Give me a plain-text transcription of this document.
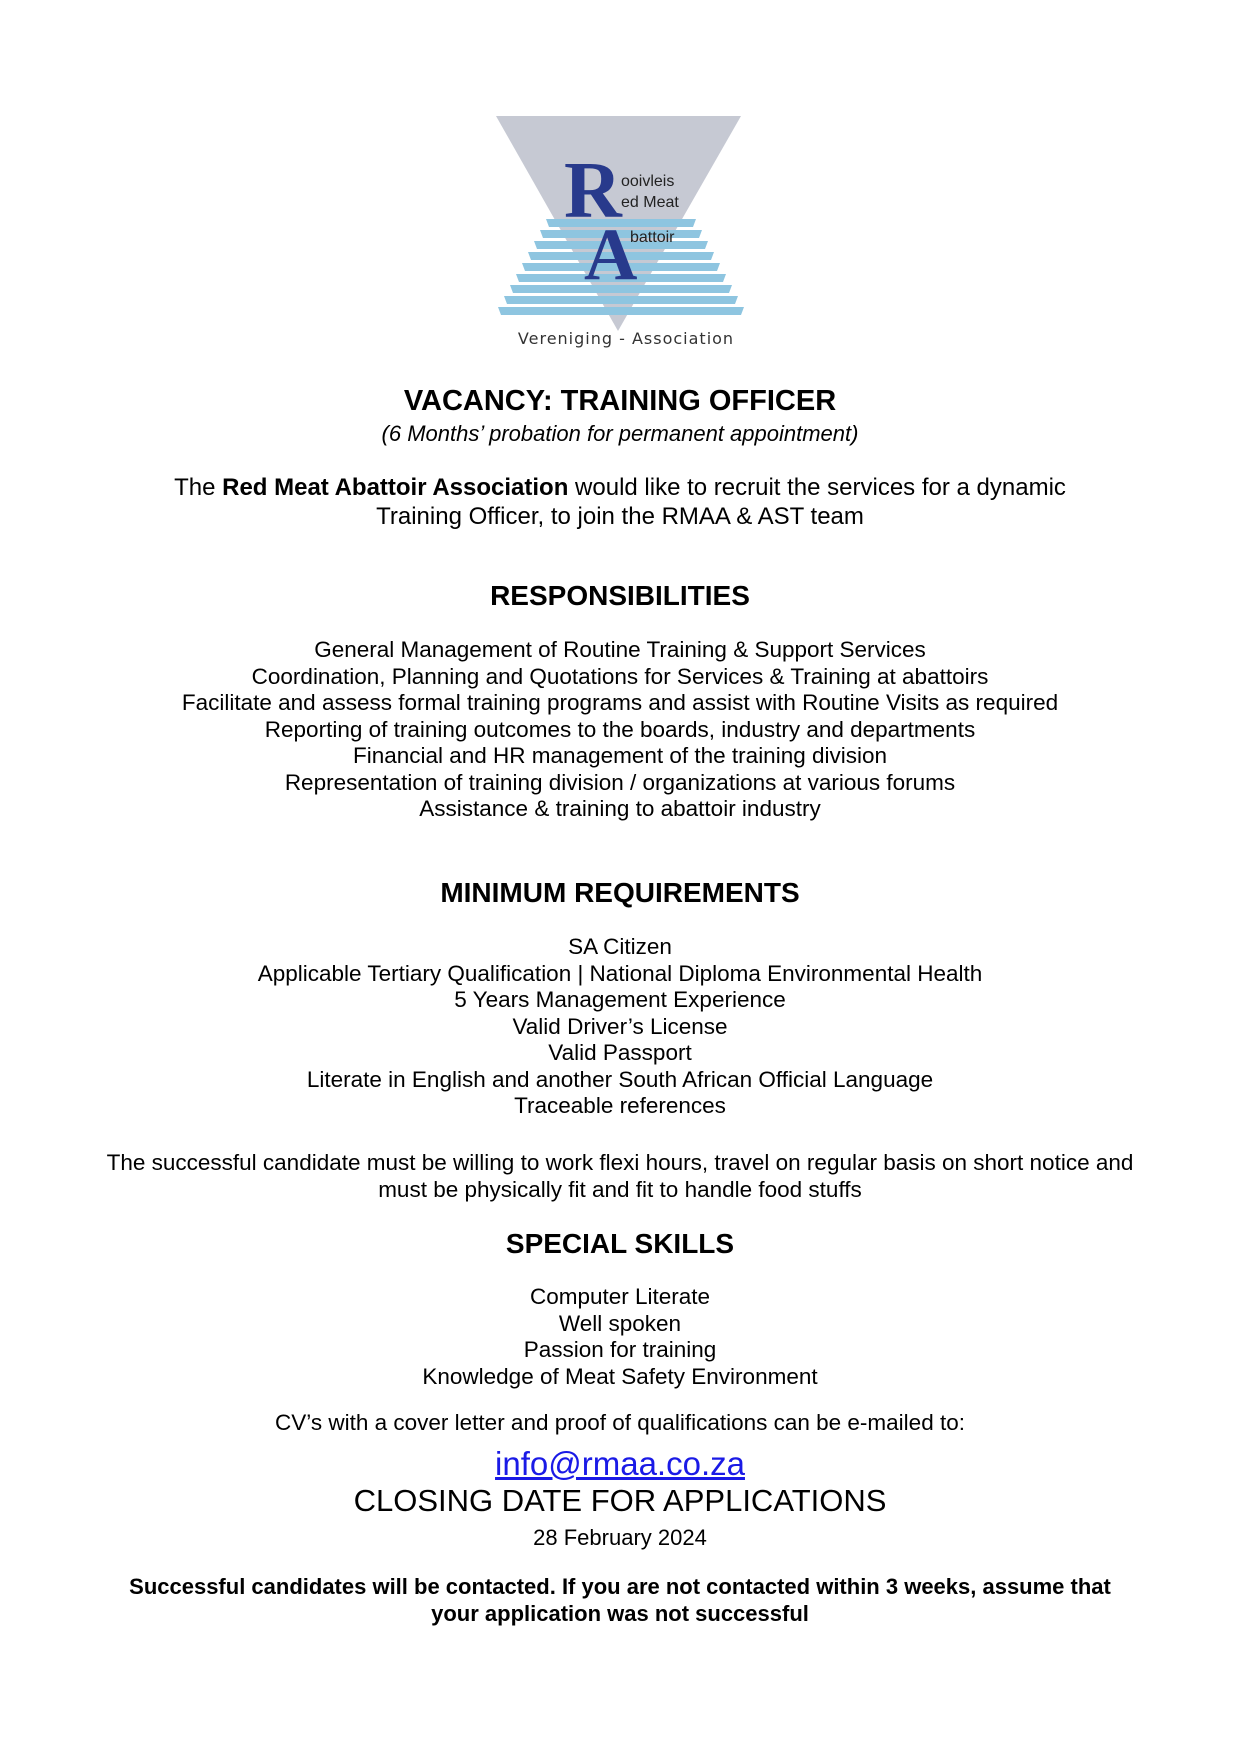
R
A
ooivleis
ed Meat
battoir
Vereniging - Association
VACANCY: TRAINING OFFICER
(6 Months’ probation for permanent appointment)
The Red Meat Abattoir Association would like to recruit the services for a dynamic
Training Officer, to join the RMAA & AST team
RESPONSIBILITIES
General Management of Routine Training & Support Services
Coordination, Planning and Quotations for Services & Training at abattoirs
Facilitate and assess formal training programs and assist with Routine Visits as required
Reporting of training outcomes to the boards, industry and departments
Financial and HR management of the training division
Representation of training division / organizations at various forums
Assistance & training to abattoir industry
MINIMUM REQUIREMENTS
SA Citizen
Applicable Tertiary Qualification | National Diploma Environmental Health
5 Years Management Experience
Valid Driver’s License
Valid Passport
Literate in English and another South African Official Language
Traceable references
The successful candidate must be willing to work flexi hours, travel on regular basis on short notice and
must be physically fit and fit to handle food stuffs
SPECIAL SKILLS
Computer Literate
Well spoken
Passion for training
Knowledge of Meat Safety Environment
CV’s with a cover letter and proof of qualifications can be e-mailed to:
info@rmaa.co.za
CLOSING DATE FOR APPLICATIONS
28 February 2024
Successful candidates will be contacted. If you are not contacted within 3 weeks, assume that
your application was not successful
